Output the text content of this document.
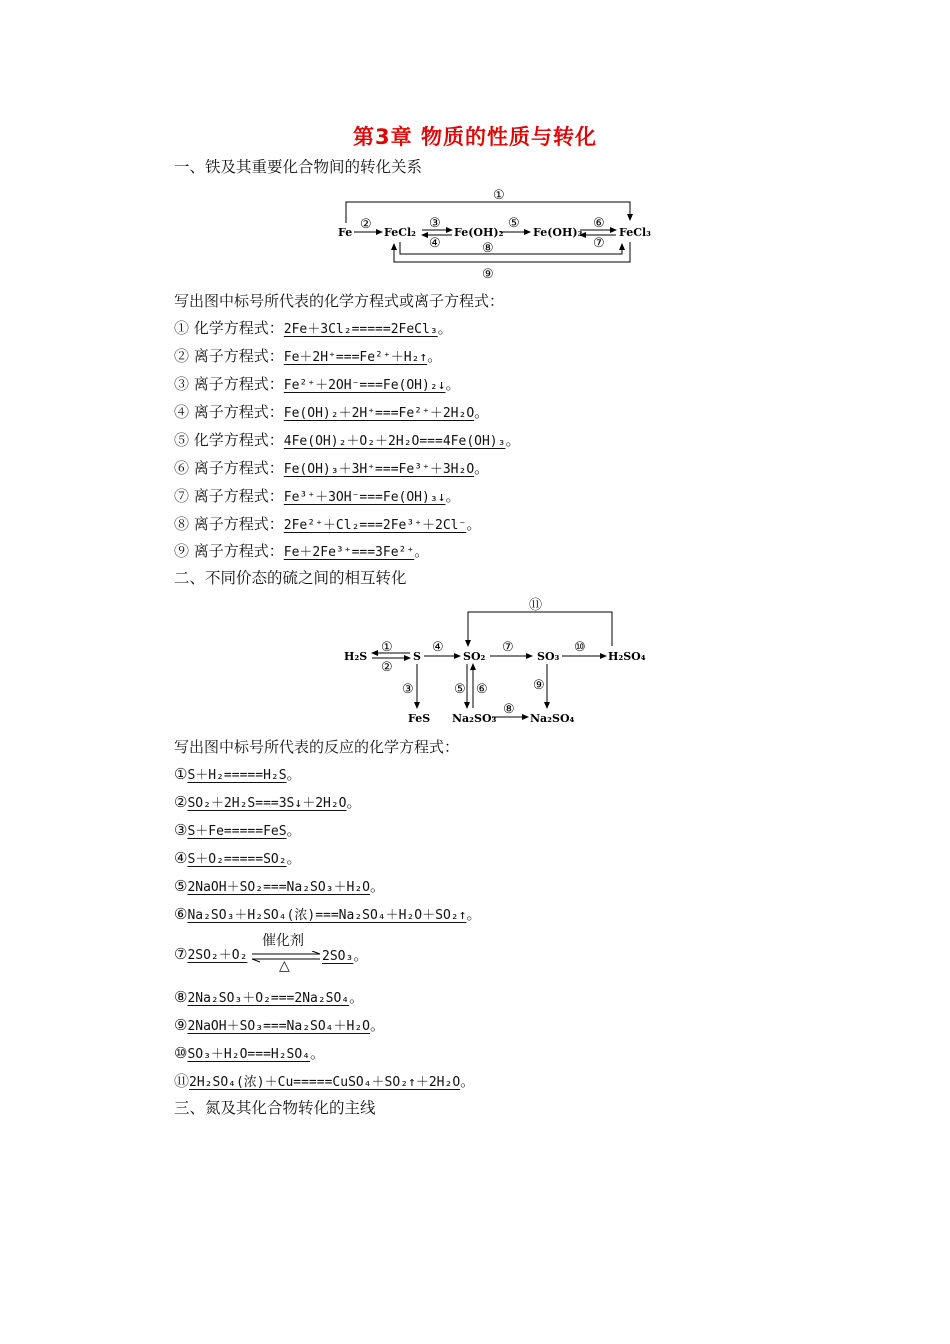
第3章 物质的性质与转化
一、铁及其重要化合物间的转化关系
Fe	FeCl₂	Fe(OH)₂	Fe(OH)₃	FeCl₃
①
②	③
④
⑤	⑥
⑦
⑧
⑨
写出图中标号所代表的化学方程式或离子方程式：
① 化学方程式：2Fe＋3Cl₂=====2FeCl₃。
② 离子方程式：Fe＋2H⁺===Fe²⁺＋H₂↑。
③ 离子方程式：Fe²⁺＋2OH⁻===Fe(OH)₂↓。
④ 离子方程式：Fe(OH)₂＋2H⁺===Fe²⁺＋2H₂O。
⑤ 化学方程式：4Fe(OH)₂＋O₂＋2H₂O===4Fe(OH)₃。
⑥ 离子方程式：Fe(OH)₃＋3H⁺===Fe³⁺＋3H₂O。
⑦ 离子方程式：Fe³⁺＋3OH⁻===Fe(OH)₃↓。
⑧ 离子方程式：2Fe²⁺＋Cl₂===2Fe³⁺＋2Cl⁻。
⑨ 离子方程式：Fe＋2Fe³⁺===3Fe²⁺。
二、不同价态的硫之间的相互转化
H₂S	S	SO₂	SO₃	H₂SO₄
FeS Na₂SO₃	Na₂SO₄
①
②
③
④
⑤ ⑥
⑦
⑧
⑨
⑩
⑪
写出图中标号所代表的反应的化学方程式：
①S＋H₂=====H₂S。
②SO₂＋2H₂S===3S↓＋2H₂O。
③S＋Fe=====FeS。
④S＋O₂=====SO₂。
⑤2NaOH＋SO₂===Na₂SO₃＋H₂O。
⑥Na₂SO₃＋H₂SO₄(浓)===Na₂SO₄＋H₂O＋SO₂↑。
⑦2SO₂＋O₂
催化剂
△
2SO₃。
⑧2Na₂SO₃＋O₂===2Na₂SO₄。
⑨2NaOH＋SO₃===Na₂SO₄＋H₂O。
⑩SO₃＋H₂O===H₂SO₄。
⑪2H₂SO₄(浓)＋Cu=====CuSO₄＋SO₂↑＋2H₂O。
三、氮及其化合物转化的主线
